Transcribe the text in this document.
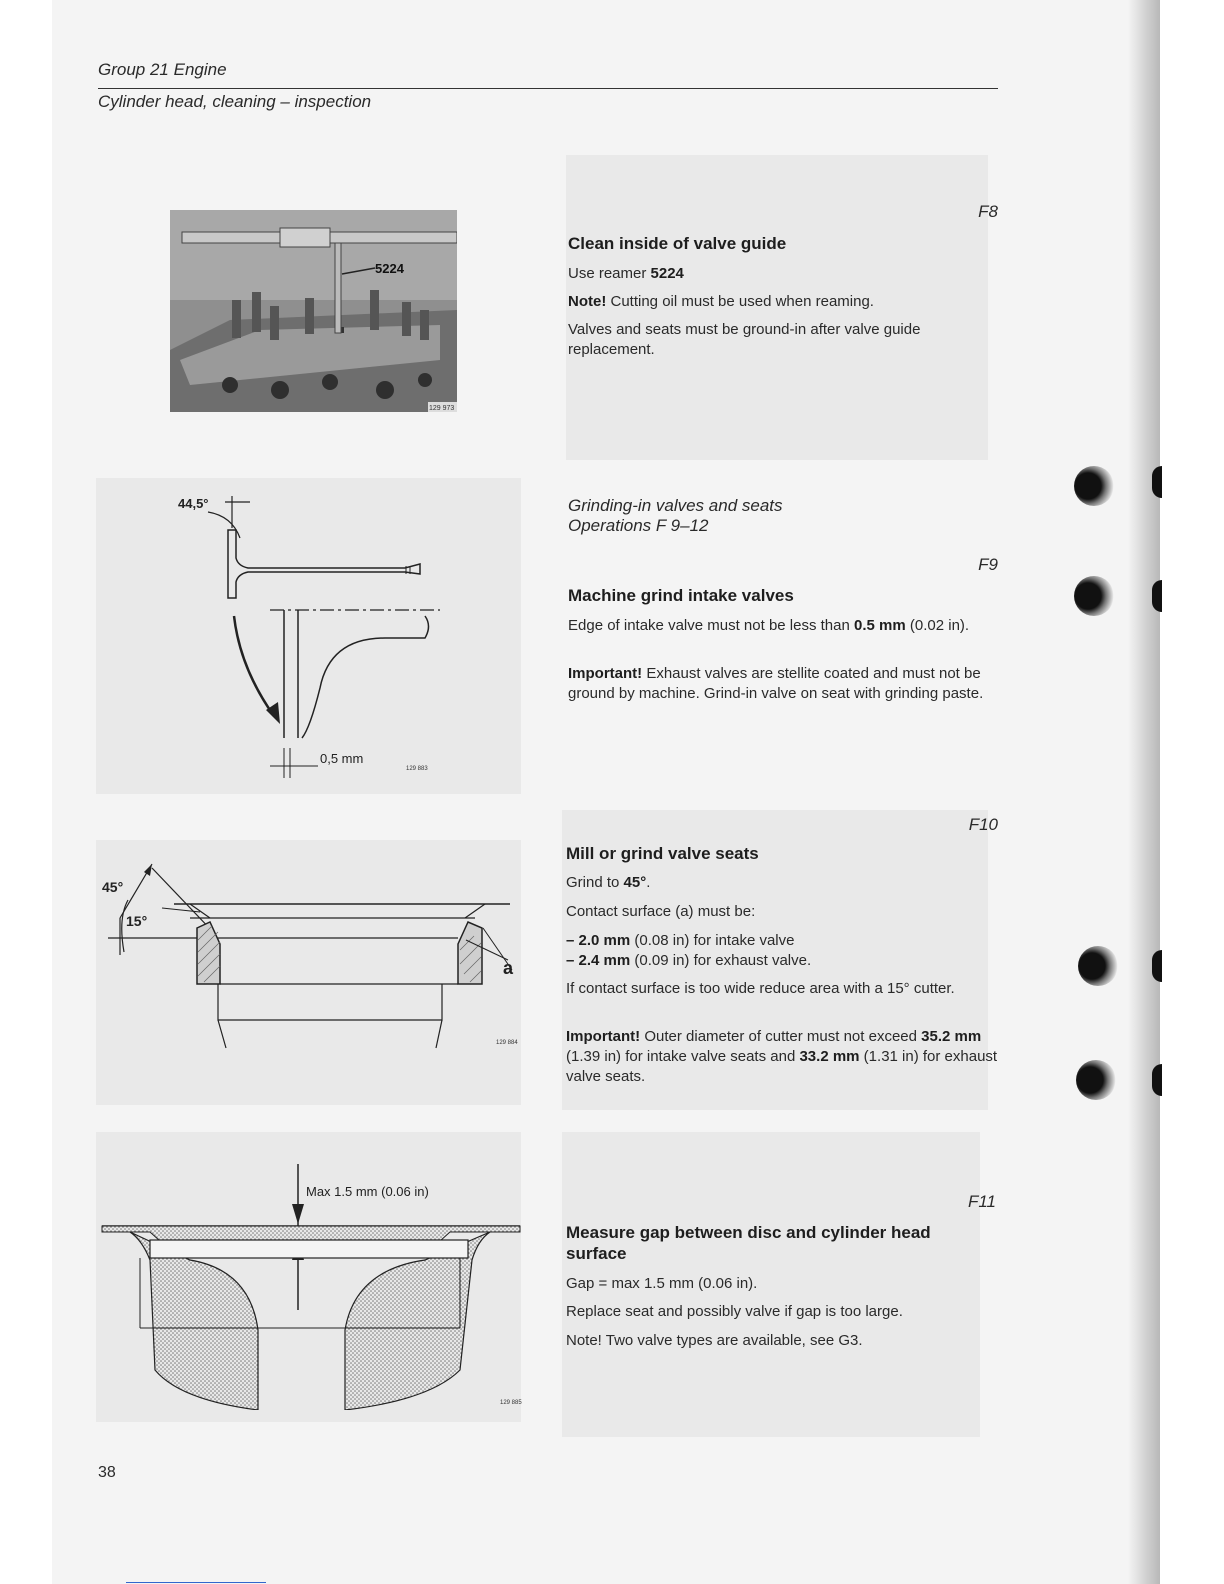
Group 21 Engine
Cylinder head, cleaning – inspection
5224
129 973
F8
Clean inside of valve guide
Use reamer 5224
Note! Cutting oil must be used when reaming.
Valves and seats must be ground-in after valve guide replacement.
44,5°
0,5 mm
129 883
Grinding-in valves and seats
Operations F 9–12
F9
Machine grind intake valves
Edge of intake valve must not be less than 0.5 mm (0.02 in).
Important! Exhaust valves are stellite coated and must not be ground by machine. Grind-in valve on seat with grinding paste.
45°
15°
a
129 884
F10
Mill or grind valve seats
Grind to 45°.
Contact surface (a) must be:
– 2.0 mm (0.08 in) for intake valve
– 2.4 mm (0.09 in) for exhaust valve.
If contact surface is too wide reduce area with a 15° cutter.
Important! Outer diameter of cutter must not exceed 35.2 mm (1.39 in) for intake valve seats and 33.2 mm (1.31 in) for exhaust valve seats.
Max 1.5 mm (0.06 in)
129 885
F11
Measure gap between disc and cylinder head surface
Gap = max 1.5 mm (0.06 in).
Replace seat and possibly valve if gap is too large.
Note! Two valve types are available, see G3.
38
